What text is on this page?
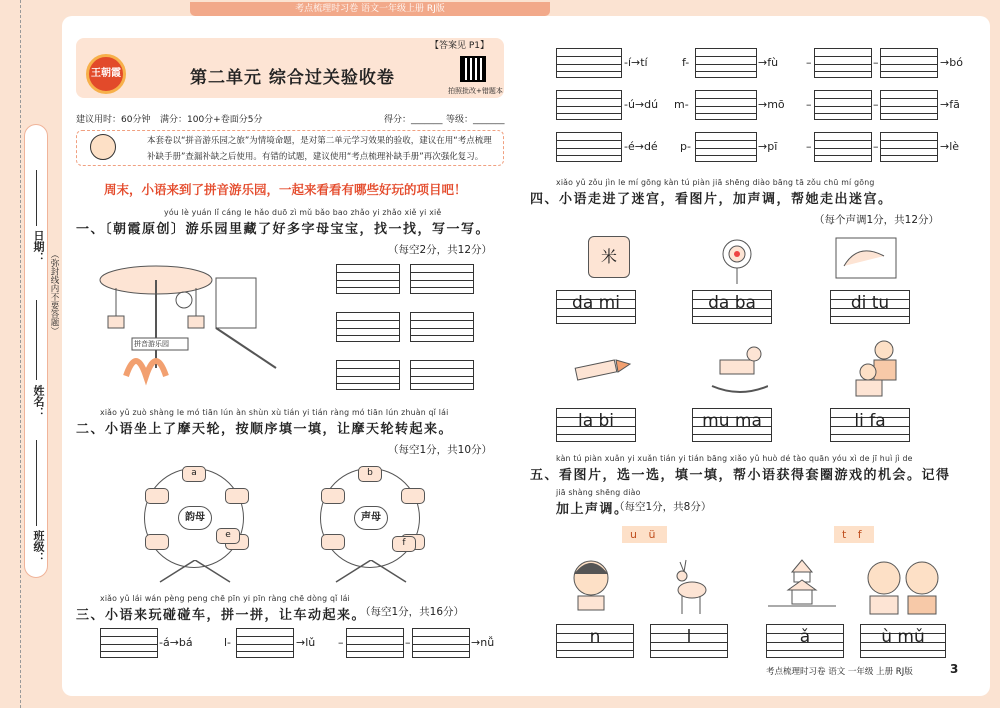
日期：
姓名：
班级：
（弥封线内不要答题）
考点梳理时习卷 语文一年级上册 RJ版
王朝霞	第二单元 综合过关验收卷
【答案见 P1】
拍照批改+错题本
建议用时：60分钟 满分：100分+卷面分5分	得分：_______ 等级：_______
本套卷以“拼音游乐园之旅”为情境命题，是对第二单元学习效果的验收，建议在用“考点梳理补缺手册”查漏补缺之后使用。有错的试题，建议使用“考点梳理补缺手册”再次强化复习。
周末，小语来到了拼音游乐园，一起来看看有哪些好玩的项目吧！
yóu lè yuán lǐ cáng le hǎo duō zì mǔ bǎo bao zhǎo yi zhǎo xiě yi xiě
一、〔朝霞原创〕游乐园里藏了好多字母宝宝，找一找，写一写。
（每空2分，共12分）
拼音游乐园
xiǎo yǔ zuò shàng le mó tiān lún àn shùn xù tián yi tián ràng mó tiān lún zhuàn qǐ lái
二、小语坐上了摩天轮，按顺序填一填，让摩天轮转起来。
（每空1分，共10分）
韵母
a
e
声母
b
f
xiǎo yǔ lái wán pèng peng chē pīn yi pīn ràng chē dòng qǐ lái
三、小语来玩碰碰车，拼一拼，让车动起来。
（每空1分，共16分）
-á→bá	l-	→lǔ –	–	→nǚ
-í→tí	f-	→fù	–	–	→bó
-ú→dú m-	→mō –	–	→fā
-é→dé p-	→pī	–	–	→lè
xiǎo yǔ zǒu jìn le mí gōng kàn tú piàn jiā shēng diào bāng tā zǒu chū mí gōng
四、小语走进了迷宫，看图片，加声调，帮她走出迷宫。
（每个声调1分，共12分）
米
da mi	da ba	di tu
la bi	mu ma	li fa
kàn tú piàn xuǎn yi xuǎn tián yi tián bāng xiǎo yǔ huò dé tào quān yóu xì de jī huì jì de
五、看图片，选一选，填一填，帮小语获得套圈游戏的机会。记得
jiā shàng shēng diào
加上声调。
（每空1分，共8分）
u ü	t f
n	l	ǎ	ù mǔ
考点梳理时习卷 语文 一年级 上册 RJ版	3
